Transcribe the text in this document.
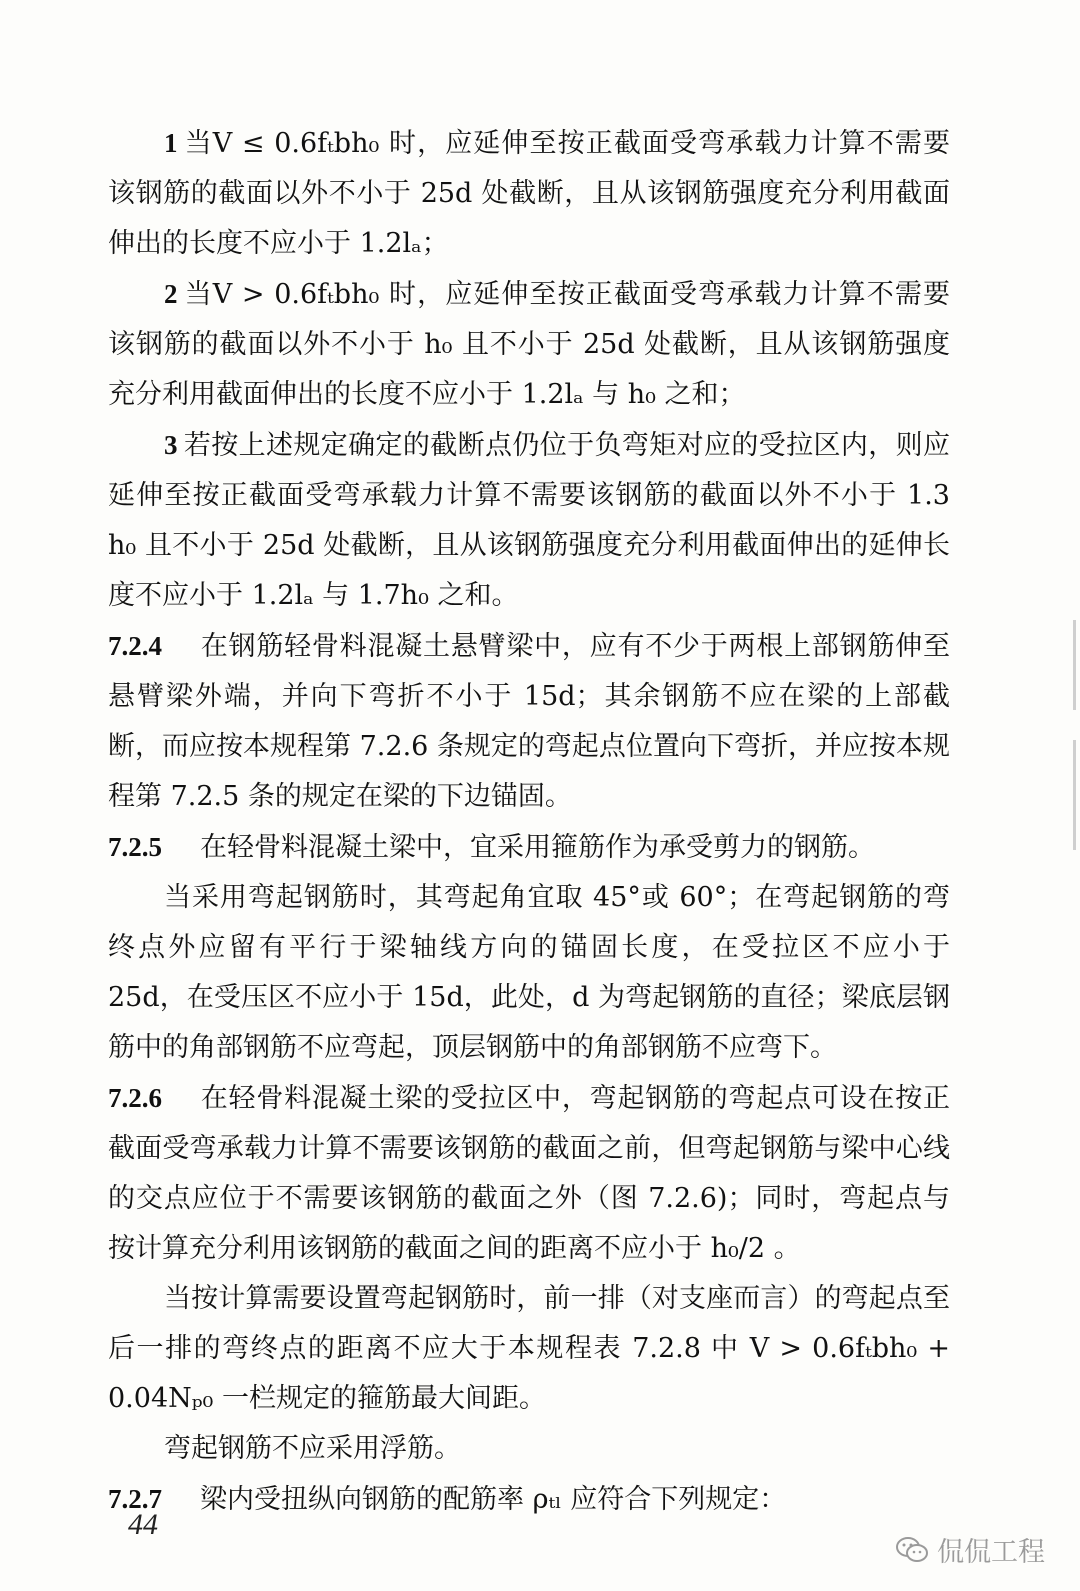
1 当V ≤ 0.6fₜbh₀ 时，应延伸至按正截面受弯承载力计算不需要该钢筋的截面以外不小于 25d 处截断，且从该钢筋强度充分利用截面伸出的长度不应小于 1.2lₐ；

2 当V > 0.6fₜbh₀ 时，应延伸至按正截面受弯承载力计算不需要该钢筋的截面以外不小于 h₀ 且不小于 25d 处截断，且从该钢筋强度充分利用截面伸出的长度不应小于 1.2lₐ 与 h₀ 之和；

3 若按上述规定确定的截断点仍位于负弯矩对应的受拉区内，则应延伸至按正截面受弯承载力计算不需要该钢筋的截面以外不小于 1.3 h₀ 且不小于 25d 处截断，且从该钢筋强度充分利用截面伸出的延伸长度不应小于 1.2lₐ 与 1.7h₀ 之和。

7.2.4 在钢筋轻骨料混凝土悬臂梁中，应有不少于两根上部钢筋伸至悬臂梁外端，并向下弯折不小于 15d；其余钢筋不应在梁的上部截断，而应按本规程第 7.2.6 条规定的弯起点位置向下弯折，并应按本规程第 7.2.5 条的规定在梁的下边锚固。

7.2.5 在轻骨料混凝土梁中，宜采用箍筋作为承受剪力的钢筋。

当采用弯起钢筋时，其弯起角宜取 45°或 60°；在弯起钢筋的弯终点外应留有平行于梁轴线方向的锚固长度，在受拉区不应小于 25d，在受压区不应小于 15d，此处，d 为弯起钢筋的直径；梁底层钢筋中的角部钢筋不应弯起，顶层钢筋中的角部钢筋不应弯下。

7.2.6 在轻骨料混凝土梁的受拉区中，弯起钢筋的弯起点可设在按正截面受弯承载力计算不需要该钢筋的截面之前，但弯起钢筋与梁中心线的交点应位于不需要该钢筋的截面之外（图 7.2.6)；同时，弯起点与按计算充分利用该钢筋的截面之间的距离不应小于 h₀/2 。

当按计算需要设置弯起钢筋时，前一排（对支座而言）的弯起点至后一排的弯终点的距离不应大于本规程表 7.2.8 中 V > 0.6fₜbh₀ + 0.04Nₚ₀ 一栏规定的箍筋最大间距。

弯起钢筋不应采用浮筋。

7.2.7 梁内受扭纵向钢筋的配筋率 ρₜₗ 应符合下列规定：

44
侃侃工程
